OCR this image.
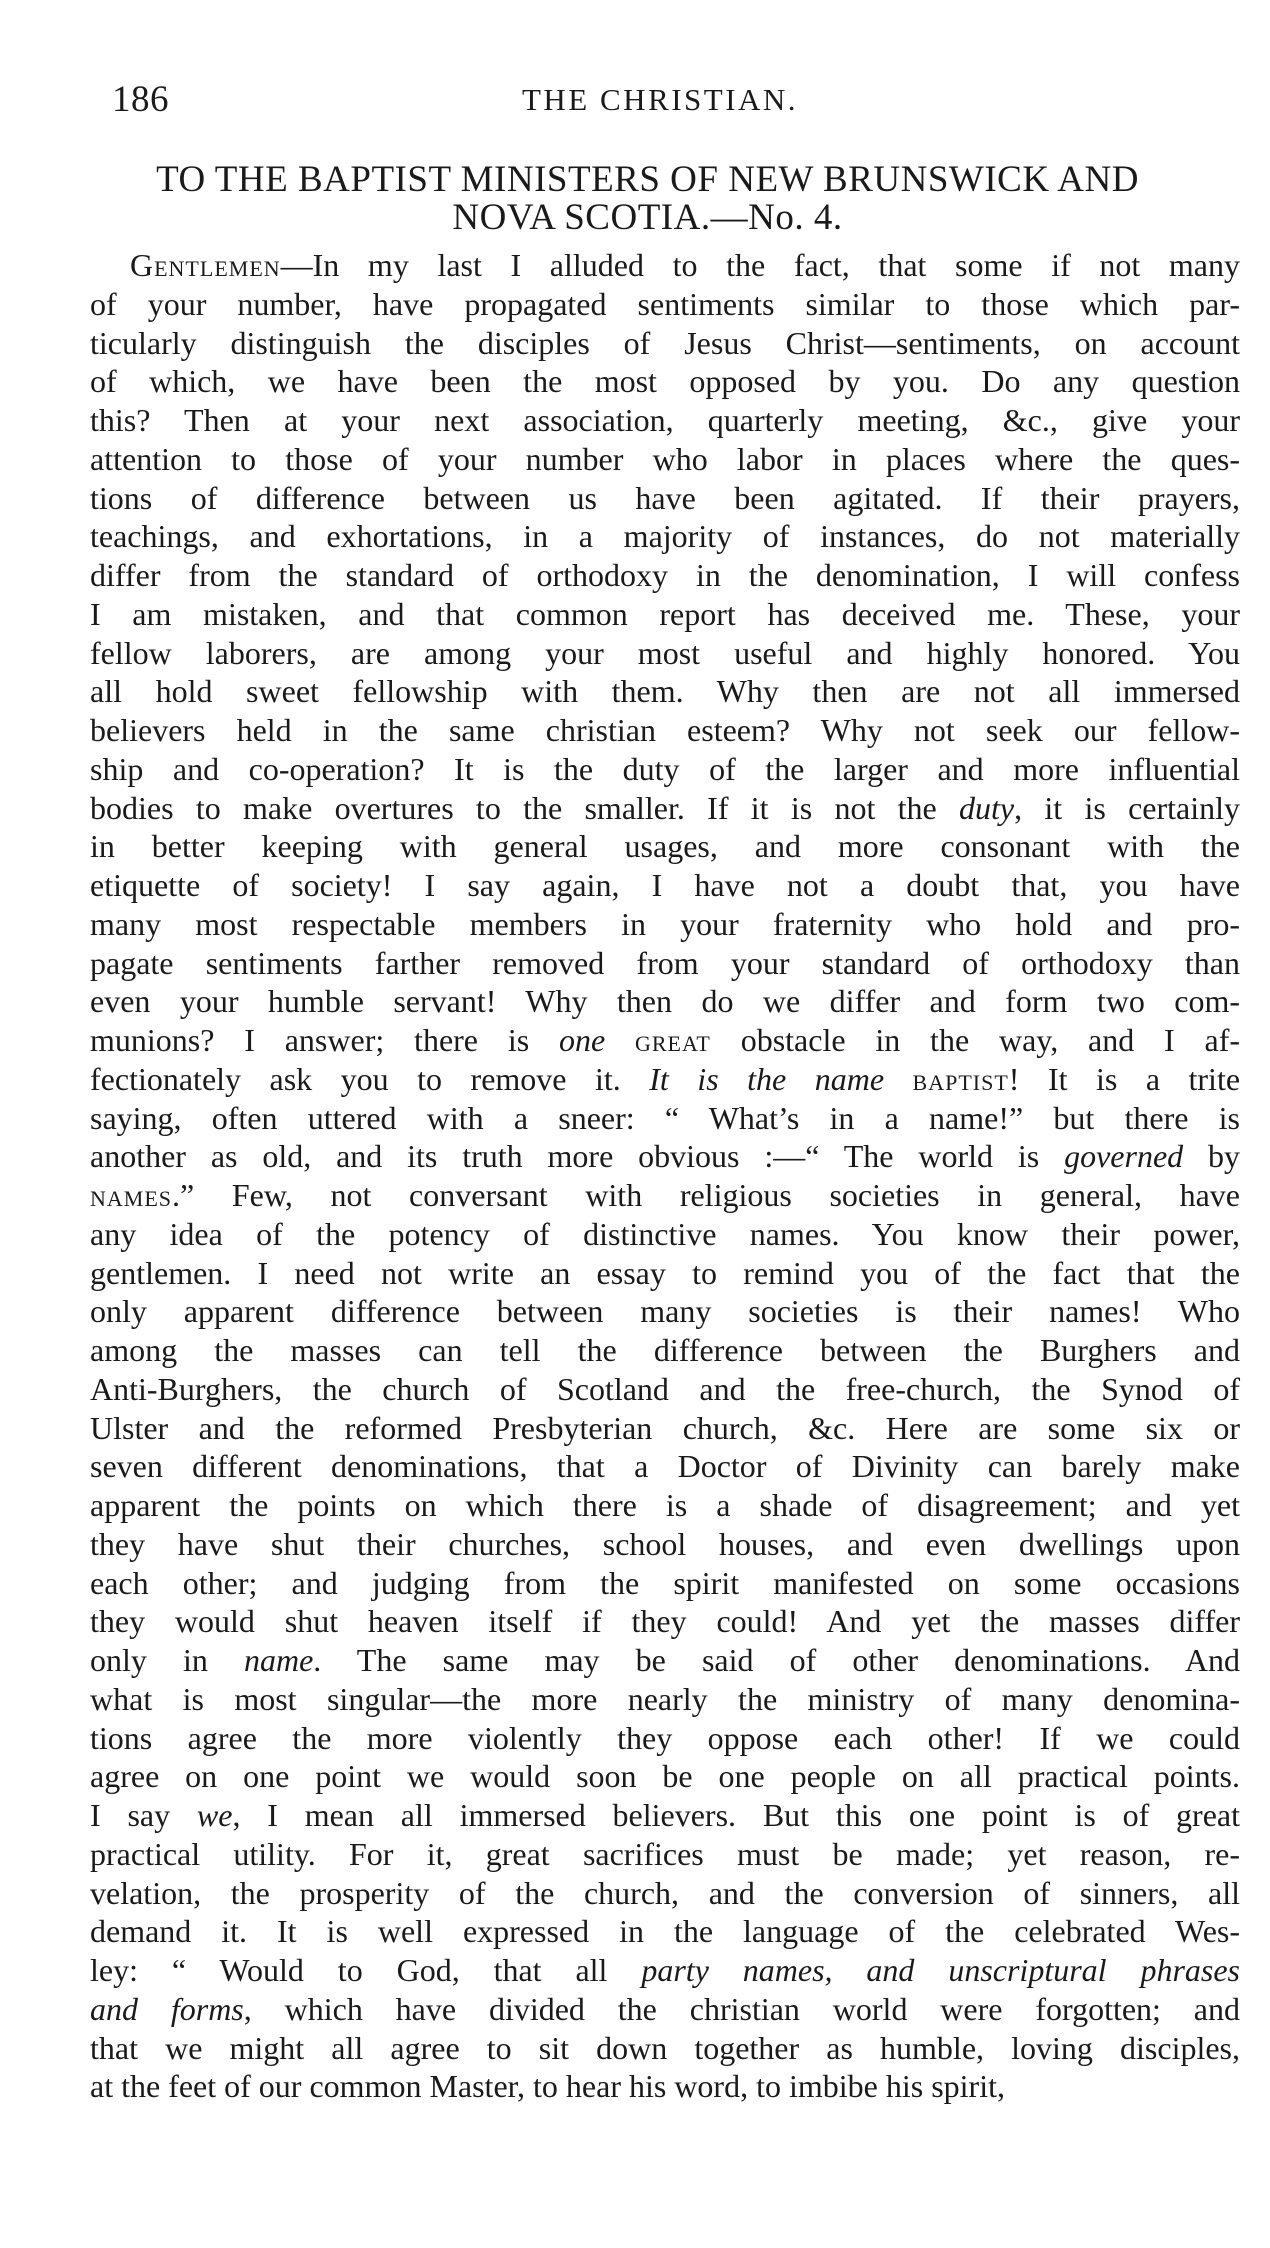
186	THE CHRISTIAN.
TO THE BAPTIST MINISTERS OF NEW BRUNSWICK AND
NOVA SCOTIA.—No. 4.
Gentlemen—In my last I alluded to the fact, that some if not many
of your number, have propagated sentiments similar to those which par-
ticularly distinguish the disciples of Jesus Christ—sentiments, on account
of which, we have been the most opposed by you. Do any question
this? Then at your next association, quarterly meeting, &c., give your
attention to those of your number who labor in places where the ques-
tions of difference between us have been agitated. If their prayers,
teachings, and exhortations, in a majority of instances, do not materially
differ from the standard of orthodoxy in the denomination, I will confess
I am mistaken, and that common report has deceived me. These, your
fellow laborers, are among your most useful and highly honored. You
all hold sweet fellowship with them. Why then are not all immersed
believers held in the same christian esteem? Why not seek our fellow-
ship and co-operation? It is the duty of the larger and more influential
bodies to make overtures to the smaller. If it is not the duty, it is certainly
in better keeping with general usages, and more consonant with the
etiquette of society! I say again, I have not a doubt that, you have
many most respectable members in your fraternity who hold and pro-
pagate sentiments farther removed from your standard of orthodoxy than
even your humble servant! Why then do we differ and form two com-
munions? I answer; there is one great obstacle in the way, and I af-
fectionately ask you to remove it. It is the name baptist! It is a trite
saying, often uttered with a sneer: “ What’s in a name!” but there is
another as old, and its truth more obvious :—“ The world is governed by
names.” Few, not conversant with religious societies in general, have
any idea of the potency of distinctive names. You know their power,
gentlemen. I need not write an essay to remind you of the fact that the
only apparent difference between many societies is their names! Who
among the masses can tell the difference between the Burghers and
Anti-Burghers, the church of Scotland and the free-church, the Synod of
Ulster and the reformed Presbyterian church, &c. Here are some six or
seven different denominations, that a Doctor of Divinity can barely make
apparent the points on which there is a shade of disagreement; and yet
they have shut their churches, school houses, and even dwellings upon
each other; and judging from the spirit manifested on some occasions
they would shut heaven itself if they could! And yet the masses differ
only in name. The same may be said of other denominations. And
what is most singular—the more nearly the ministry of many denomina-
tions agree the more violently they oppose each other! If we could
agree on one point we would soon be one people on all practical points.
I say we, I mean all immersed believers. But this one point is of great
practical utility. For it, great sacrifices must be made; yet reason, re-
velation, the prosperity of the church, and the conversion of sinners, all
demand it. It is well expressed in the language of the celebrated Wes-
ley: “ Would to God, that all party names, and unscriptural phrases
and forms, which have divided the christian world were forgotten; and
that we might all agree to sit down together as humble, loving disciples,
at the feet of our common Master, to hear his word, to imbibe his spirit,
